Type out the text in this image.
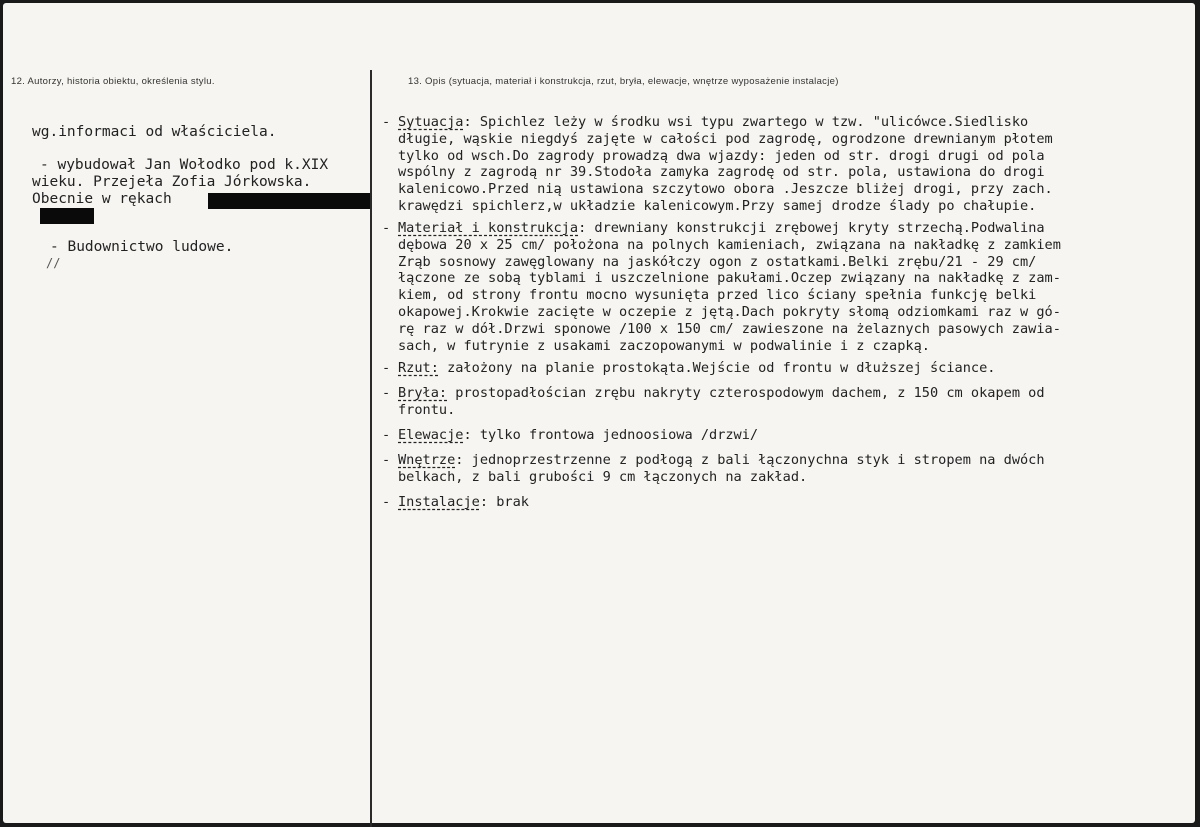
12. Autorzy, historia obiektu, określenia stylu.	13. Opis (sytuacja, materiał i konstrukcja, rzut, bryła, elewacje, wnętrze wyposażenie instalacje)
wg.informaci od właściciela.
- wybudował Jan Wołodko pod k.XIX
wieku. Przejeła Zofia Jórkowska.
Obecnie w rękach
- Budownictwo ludowe.
//
- Sytuacja: Spichlez leży w środku wsi typu zwartego w tzw. "ulicówce.Siedlisko
długie, wąskie niegdyś zajęte w całości pod zagrodę, ogrodzone drewnianym płotem
tylko od wsch.Do zagrody prowadzą dwa wjazdy: jeden od str. drogi drugi od pola
wspólny z zagrodą nr 39.Stodoła zamyka zagrodę od str. pola, ustawiona do drogi
kalenicowo.Przed nią ustawiona szczytowo obora .Jeszcze bliżej drogi, przy zach.
krawędzi spichlerz,w układzie kalenicowym.Przy samej drodze ślady po chałupie.
- Materiał i konstrukcja: drewniany konstrukcji zrębowej kryty strzechą.Podwalina
dębowa 20 x 25 cm/ położona na polnych kamieniach, związana na nakładkę z zamkiem
Zrąb sosnowy zawęglowany na jaskółczy ogon z ostatkami.Belki zrębu/21 - 29 cm/
łączone ze sobą tyblami i uszczelnione pakułami.Oczep związany na nakładkę z zam-
kiem, od strony frontu mocno wysunięta przed lico ściany spełnia funkcję belki
okapowej.Krokwie zacięte w oczepie z jętą.Dach pokryty słomą odziomkami raz w gó-
rę raz w dół.Drzwi sponowe /100 x 150 cm/ zawieszone na żelaznych pasowych zawia-
sach, w futrynie z usakami zaczopowanymi w podwalinie i z czapką.
- Rzut: założony na planie prostokąta.Wejście od frontu w dłuższej ściance.
- Bryła: prostopadłościan zrębu nakryty czterospodowym dachem, z 150 cm okapem od
frontu.
- Elewacje: tylko frontowa jednoosiowa /drzwi/
- Wnętrze: jednoprzestrzenne z podłogą z bali łączonychna styk i stropem na dwóch
belkach, z bali grubości 9 cm łączonych na zakład.
- Instalacje: brak
